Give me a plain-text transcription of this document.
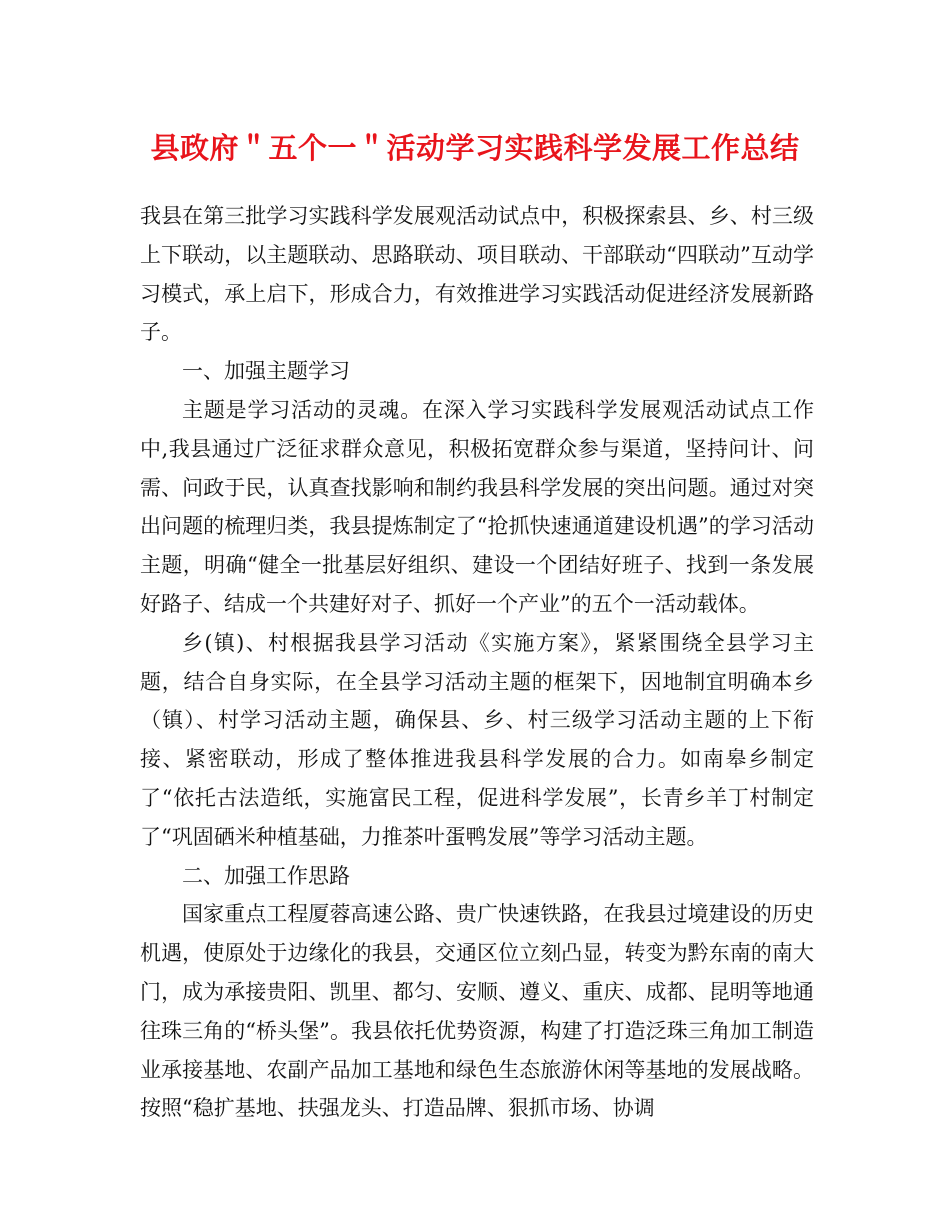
县政府＂五个一＂活动学习实践科学发展工作总结

我县在第三批学习实践科学发展观活动试点中，积极探索县、乡、村三级上下联动，以主题联动、思路联动、项目联动、干部联动“四联动”互动学习模式，承上启下，形成合力，有效推进学习实践活动促进经济发展新路子。

一、加强主题学习

主题是学习活动的灵魂。在深入学习实践科学发展观活动试点工作中,我县通过广泛征求群众意见，积极拓宽群众参与渠道，坚持问计、问需、问政于民，认真查找影响和制约我县科学发展的突出问题。通过对突出问题的梳理归类，我县提炼制定了“抢抓快速通道建设机遇”的学习活动主题，明确“健全一批基层好组织、建设一个团结好班子、找到一条发展好路子、结成一个共建好对子、抓好一个产业”的五个一活动载体。

乡(镇)、村根据我县学习活动《实施方案》，紧紧围绕全县学习主题，结合自身实际，在全县学习活动主题的框架下，因地制宜明确本乡（镇）、村学习活动主题，确保县、乡、村三级学习活动主题的上下衔接、紧密联动，形成了整体推进我县科学发展的合力。如南皋乡制定了“依托古法造纸，实施富民工程，促进科学发展”，长青乡羊丁村制定了“巩固硒米种植基础，力推茶叶蛋鸭发展”等学习活动主题。

二、加强工作思路

国家重点工程厦蓉高速公路、贵广快速铁路，在我县过境建设的历史机遇，使原处于边缘化的我县，交通区位立刻凸显，转变为黔东南的南大门，成为承接贵阳、凯里、都匀、安顺、遵义、重庆、成都、昆明等地通往珠三角的“桥头堡”。我县依托优势资源，构建了打造泛珠三角加工制造业承接基地、农副产品加工基地和绿色生态旅游休闲等基地的发展战略。按照“稳扩基地、扶强龙头、打造品牌、狠抓市场、协调
